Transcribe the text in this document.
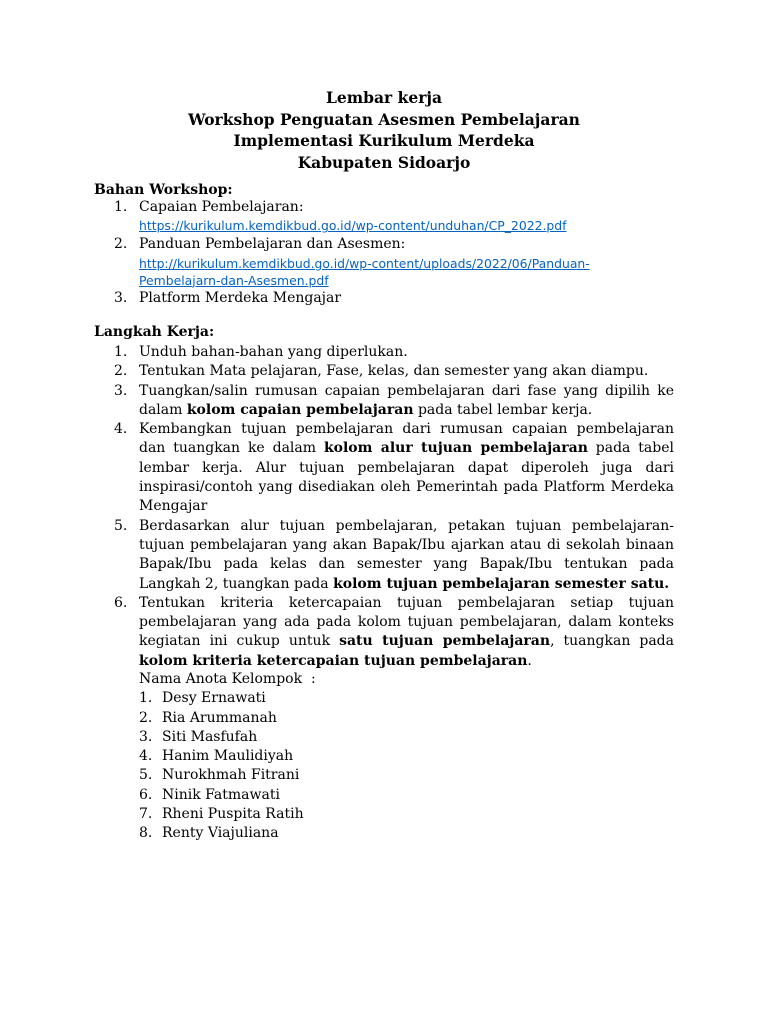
Lembar kerja
Workshop Penguatan Asesmen Pembelajaran
Implementasi Kurikulum Merdeka
Kabupaten Sidoarjo
Bahan Workshop:
1. Capaian Pembelajaran:
https://kurikulum.kemdikbud.go.id/wp-content/unduhan/CP_2022.pdf
2. Panduan Pembelajaran dan Asesmen:
http://kurikulum.kemdikbud.go.id/wp-content/uploads/2022/06/Panduan-
Pembelajarn-dan-Asesmen.pdf
3. Platform Merdeka Mengajar
Langkah Kerja:
1. Unduh bahan-bahan yang diperlukan.
2. Tentukan Mata pelajaran, Fase, kelas, dan semester yang akan diampu.
3. Tuangkan/salin rumusan capaian pembelajaran dari fase yang dipilih ke dalam kolom capaian pembelajaran pada tabel lembar kerja.
4. Kembangkan tujuan pembelajaran dari rumusan capaian pembelajaran dan tuangkan ke dalam kolom alur tujuan pembelajaran pada tabel lembar kerja. Alur tujuan pembelajaran dapat diperoleh juga dari inspirasi/contoh yang disediakan oleh Pemerintah pada Platform Merdeka Mengajar
5. Berdasarkan alur tujuan pembelajaran, petakan tujuan pembelajaran-tujuan pembelajaran yang akan Bapak/Ibu ajarkan atau di sekolah binaan Bapak/Ibu pada kelas dan semester yang Bapak/Ibu tentukan pada Langkah 2, tuangkan pada kolom tujuan pembelajaran semester satu.
6. Tentukan kriteria ketercapaian tujuan pembelajaran setiap tujuan pembelajaran yang ada pada kolom tujuan pembelajaran, dalam konteks kegiatan ini cukup untuk satu tujuan pembelajaran, tuangkan pada kolom kriteria ketercapaian tujuan pembelajaran.
Nama Anota Kelompok  :
1. Desy Ernawati
2. Ria Arummanah
3. Siti Masfufah
4. Hanim Maulidiyah
5. Nurokhmah Fitrani
6. Ninik Fatmawati
7. Rheni Puspita Ratih
8. Renty Viajuliana
